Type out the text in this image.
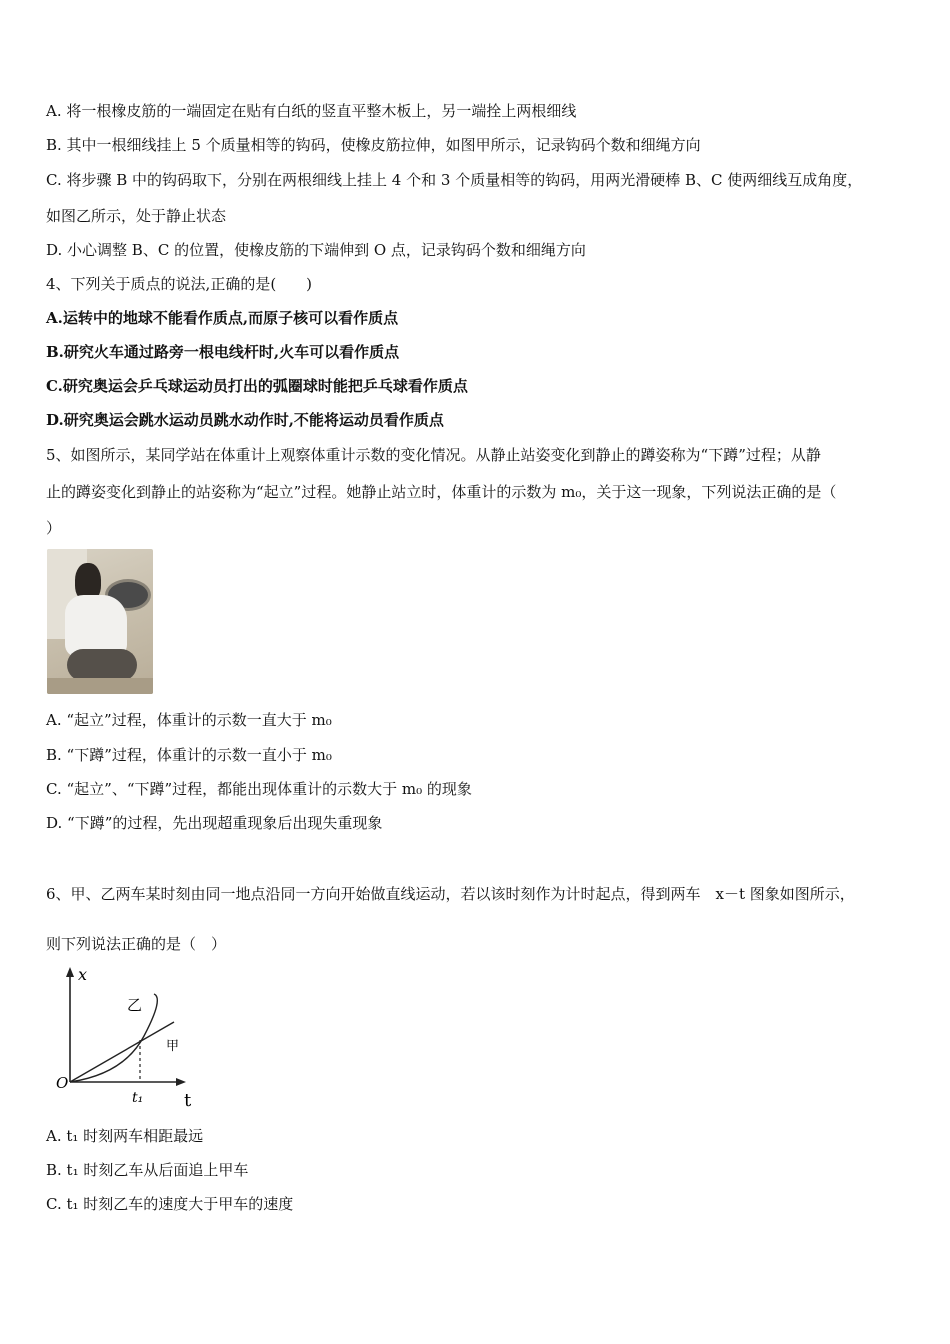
A. 将一根橡皮筋的一端固定在贴有白纸的竖直平整木板上，另一端拴上两根细线
B. 其中一根细线挂上 5 个质量相等的钩码，使橡皮筋拉伸，如图甲所示，记录钩码个数和细绳方向
C. 将步骤 B 中的钩码取下，分别在两根细线上挂上 4 个和 3 个质量相等的钩码，用两光滑硬棒 B、C 使两细线互成角度，
如图乙所示，处于静止状态
D. 小心调整 B、C 的位置，使橡皮筋的下端伸到 O 点，记录钩码个数和细绳方向
4、下列关于质点的说法,正确的是(　　)
A.运转中的地球不能看作质点,而原子核可以看作质点
B.研究火车通过路旁一根电线杆时,火车可以看作质点
C.研究奥运会乒乓球运动员打出的弧圈球时能把乒乓球看作质点
D.研究奥运会跳水运动员跳水动作时,不能将运动员看作质点
5、如图所示，某同学站在体重计上观察体重计示数的变化情况。从静止站姿变化到静止的蹲姿称为“下蹲”过程；从静
止的蹲姿变化到静止的站姿称为“起立”过程。她静止站立时，体重计的示数为 m₀，关于这一现象，下列说法正确的是（
）
A. “起立”过程，体重计的示数一直大于 m₀
B. “下蹲”过程，体重计的示数一直小于 m₀
C. “起立”、“下蹲”过程，都能出现体重计的示数大于 m₀ 的现象
D. “下蹲”的过程，先出现超重现象后出现失重现象
6、甲、乙两车某时刻由同一地点沿同一方向开始做直线运动，若以该时刻作为计时起点，得到两车　x－t 图象如图所示，
则下列说法正确的是（　）
x
t
O
t₁
乙
甲
A. t₁ 时刻两车相距最远
B. t₁ 时刻乙车从后面追上甲车
C. t₁ 时刻乙车的速度大于甲车的速度
